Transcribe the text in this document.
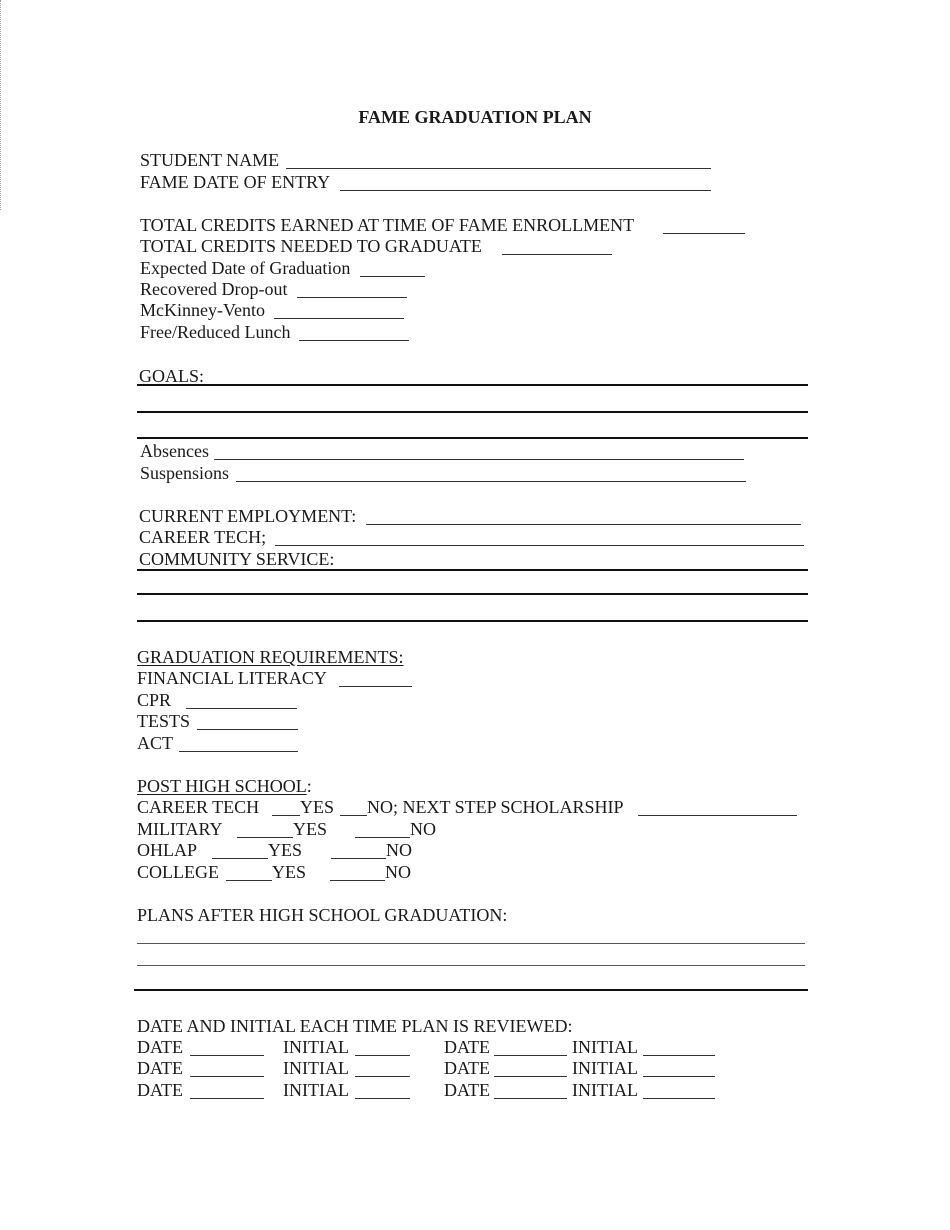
FAME GRADUATION PLAN
STUDENT NAME
FAME DATE OF ENTRY
TOTAL CREDITS EARNED AT TIME OF FAME ENROLLMENT
TOTAL CREDITS NEEDED TO GRADUATE
Expected Date of Graduation
Recovered Drop-out
McKinney-Vento
Free/Reduced Lunch
GOALS:
Absences
Suspensions
CURRENT EMPLOYMENT:
CAREER TECH;
COMMUNITY SERVICE:
GRADUATION REQUIREMENTS:
FINANCIAL LITERACY
CPR
TESTS
ACT
POST HIGH SCHOOL:
CAREER TECH YES NO; NEXT STEP SCHOLARSHIP
MILITARY	YES	NO
OHLAP	YES	NO
COLLEGE	YES	NO
PLANS AFTER HIGH SCHOOL GRADUATION:
DATE AND INITIAL EACH TIME PLAN IS REVIEWED:
DATE	INITIAL	DATE	INITIAL
DATE	INITIAL	DATE	INITIAL
DATE	INITIAL	DATE	INITIAL
